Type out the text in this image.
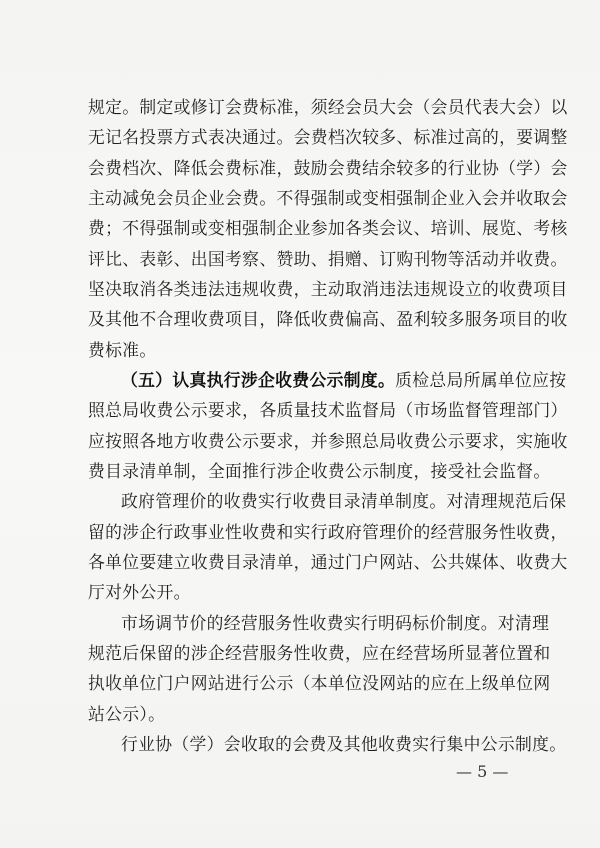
规定。制定或修订会费标准，须经会员大会（会员代表大会）以
无记名投票方式表决通过。会费档次较多、标准过高的，要调整
会费档次、降低会费标准，鼓励会费结余较多的行业协（学）会
主动减免会员企业会费。不得强制或变相强制企业入会并收取会
费；不得强制或变相强制企业参加各类会议、培训、展览、考核
评比、表彰、出国考察、赞助、捐赠、订购刊物等活动并收费。
坚决取消各类违法违规收费，主动取消违法违规设立的收费项目
及其他不合理收费项目，降低收费偏高、盈利较多服务项目的收
费标准。
（五）认真执行涉企收费公示制度。质检总局所属单位应按
照总局收费公示要求，各质量技术监督局（市场监督管理部门）
应按照各地方收费公示要求，并参照总局收费公示要求，实施收
费目录清单制，全面推行涉企收费公示制度，接受社会监督。
政府管理价的收费实行收费目录清单制度。对清理规范后保
留的涉企行政事业性收费和实行政府管理价的经营服务性收费，
各单位要建立收费目录清单，通过门户网站、公共媒体、收费大
厅对外公开。
市场调节价的经营服务性收费实行明码标价制度。对清理
规范后保留的涉企经营服务性收费，应在经营场所显著位置和
执收单位门户网站进行公示（本单位没网站的应在上级单位网
站公示）。
— 5 —
行业协（学）会收取的会费及其他收费实行集中公示制度。
